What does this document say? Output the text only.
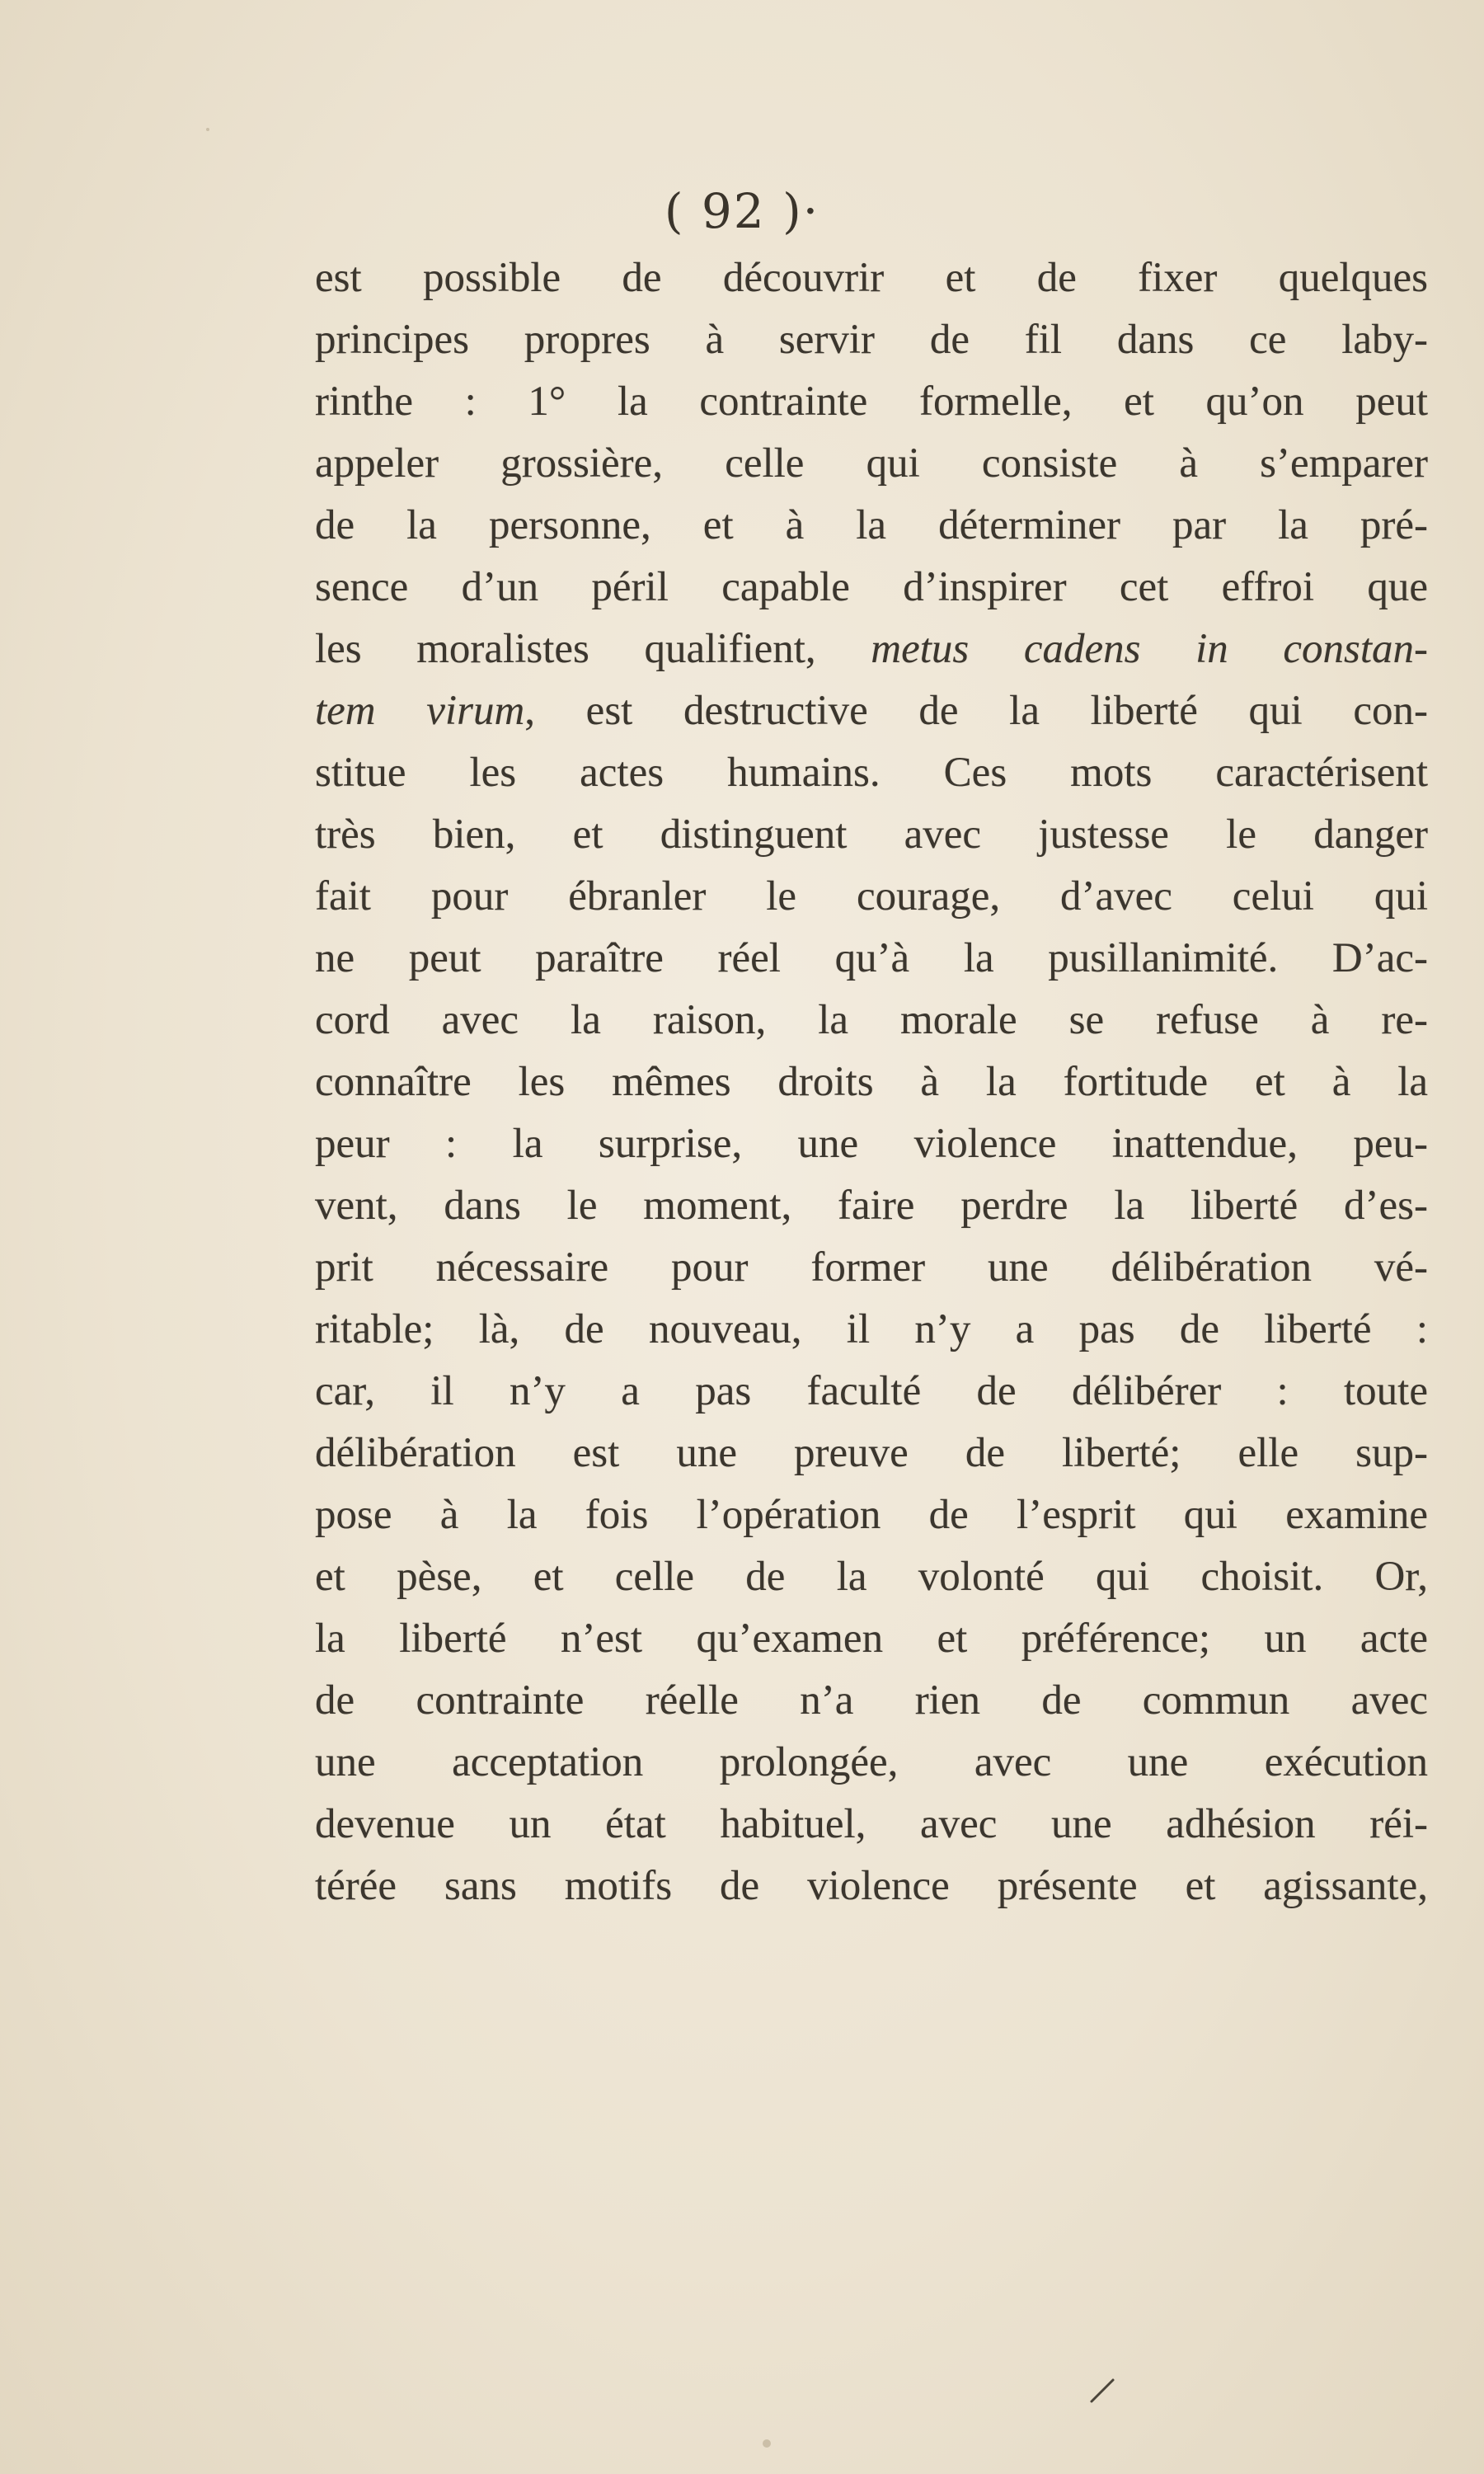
( 92 )·
est possible de découvrir et de fixer quelques
principes propres à servir de fil dans ce laby-
rinthe : 1° la contrainte formelle, et qu’on peut
appeler grossière, celle qui consiste à s’emparer
de la personne, et à la déterminer par la pré-
sence d’un péril capable d’inspirer cet effroi que
les moralistes qualifient, metus cadens in constan-
tem virum, est destructive de la liberté qui con-
stitue les actes humains. Ces mots caractérisent
très bien, et distinguent avec justesse le danger
fait pour ébranler le courage, d’avec celui qui
ne peut paraître réel qu’à la pusillanimité. D’ac-
cord avec la raison, la morale se refuse à re-
connaître les mêmes droits à la fortitude et à la
peur : la surprise, une violence inattendue, peu-
vent, dans le moment, faire perdre la liberté d’es-
prit nécessaire pour former une délibération vé-
ritable; là, de nouveau, il n’y a pas de liberté :
car, il n’y a pas faculté de délibérer : toute
délibération est une preuve de liberté; elle sup-
pose à la fois l’opération de l’esprit qui examine
et pèse, et celle de la volonté qui choisit. Or,
la liberté n’est qu’examen et préférence; un acte
de contrainte réelle n’a rien de commun avec
une acceptation prolongée, avec une exécution
devenue un état habituel, avec une adhésion réi-
térée sans motifs de violence présente et agissante,
